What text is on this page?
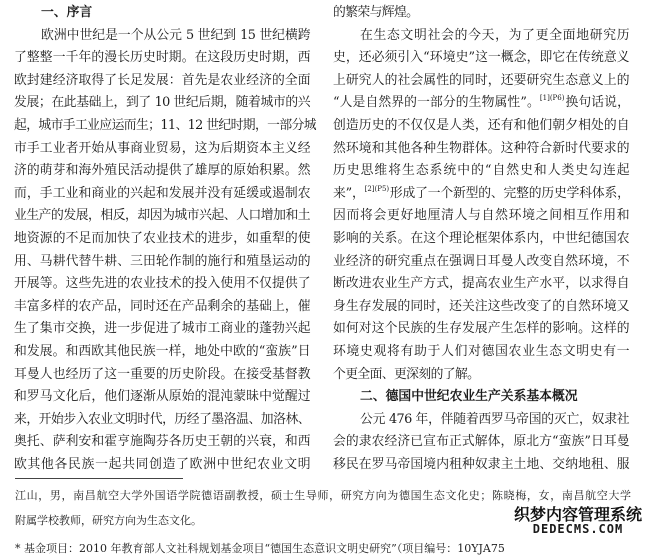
一、序言
欧洲中世纪是一个从公元 5 世纪到 15 世纪横跨
了整整一千年的漫长历史时期。在这段历史时期，西
欧封建经济取得了长足发展：首先是农业经济的全面
发展；在此基础上，到了 10 世纪后期，随着城市的兴
起，城市手工业应运而生；11、12 世纪时期，一部分城
市手工业者开始从事商业贸易，这为后期资本主义经
济的萌芽和海外殖民活动提供了雄厚的原始积累。然
而，手工业和商业的兴起和发展并没有延缓或遏制农
业生产的发展，相反，却因为城市兴起、人口增加和土
地资源的不足而加快了农业技术的进步，如重犁的使
用、马耕代替牛耕、三田轮作制的施行和殖垦运动的
开展等。这些先进的农业技术的投入使用不仅提供了
丰富多样的农产品，同时还在产品剩余的基础上，催
生了集市交换，进一步促进了城市工商业的蓬勃兴起
和发展。和西欧其他民族一样，地处中欧的“蛮族”日
耳曼人也经历了这一重要的历史阶段。在接受基督教
和罗马文化后，他们逐渐从原始的混沌蒙昧中觉醒过
来，开始步入农业文明时代，历经了墨洛温、加洛林、
奥托、萨利安和霍亨施陶芬各历史王朝的兴衰，和西
欧其他各民族一起共同创造了欧洲中世纪农业文明
的繁荣与辉煌。
在生态文明社会的今天，为了更全面地研究历
史，还必须引入“环境史”这一概念，即它在传统意义
上研究人的社会属性的同时，还要研究生态意义上的
“人是自然界的一部分的生物属性”。$^{[1](P6)}$换句话说，
创造历史的不仅仅是人类，还有和他们朝夕相处的自
然环境和其他各种生物群体。这种符合新时代要求的
历史思维将生态系统中的“自然史和人类史勾连起
来”，$^{[2](P5)}$形成了一个新型的、完整的历史学科体系，
因而将会更好地厘清人与自然环境之间相互作用和
影响的关系。在这个理论框架体系内，中世纪德国农
业经济的研究重点在强调日耳曼人改变自然环境，不
断改进农业生产方式，提高农业生产水平，以求得自
身生存发展的同时，还关注这些改变了的自然环境又
如何对这个民族的生存发展产生怎样的影响。这样的
环境史观将有助于人们对德国农业生态文明史有一
个更全面、更深刻的了解。
二、德国中世纪农业生产关系基本概况
公元 476 年，伴随着西罗马帝国的灭亡，奴隶社
会的隶农经济已宣布正式解体，原北方“蛮族”日耳曼
移民在罗马帝国境内租种奴隶主土地、交纳地租、服
江山，男，南昌航空大学外国语学院德语副教授，硕士生导师，研究方向为德国生态文化史；陈晓梅，女，南昌航空大学
附属学校教师，研究方向为生态文化。
* 基金项目：2010 年教育部人文社科规划基金项目“德国生态意识文明史研究”（项目编号：10YJA75
织梦内容管理系统
DEDECMS.COM
